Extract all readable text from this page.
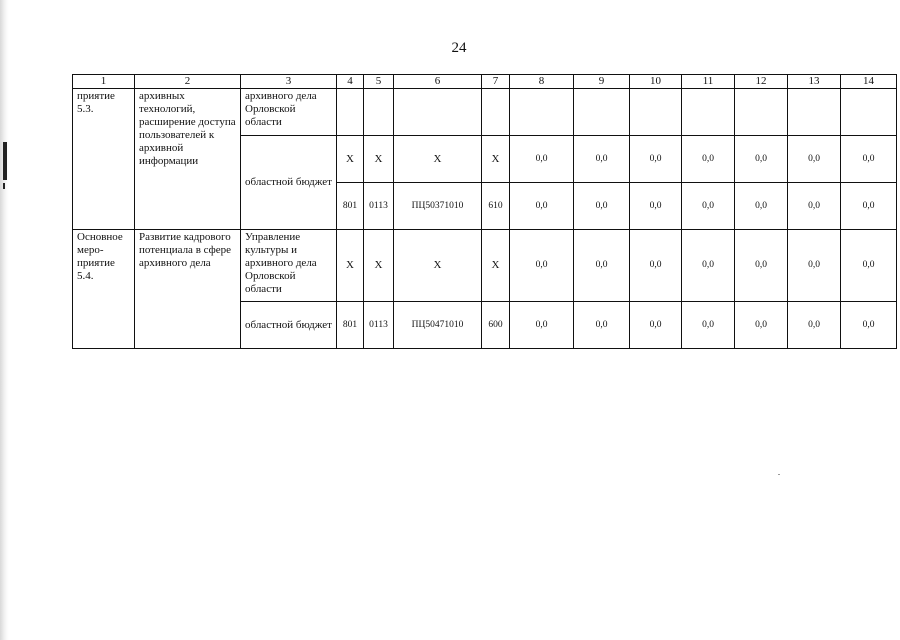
24
1	2	3	4	5	6	7	8	9	10	11	12	13	14
приятие 5.3.	архивных технологий, расширение доступа пользователей к архивной информации	архивного дела Орловской области											
		областной бюджет	Х	Х	Х	Х	0,0	0,0	0,0	0,0	0,0	0,0	0,0
			801	0113	ПЦ50371010	610	0,0	0,0	0,0	0,0	0,0	0,0	0,0
Основное меро-приятие 5.4.	Развитие кадрового потенциала в сфере архивного дела	Управление культуры и архивного дела Орловской области	Х	Х	Х	Х	0,0	0,0	0,0	0,0	0,0	0,0	0,0
		областной бюджет	801	0113	ПЦ50471010	600	0,0	0,0	0,0	0,0	0,0	0,0	0,0
